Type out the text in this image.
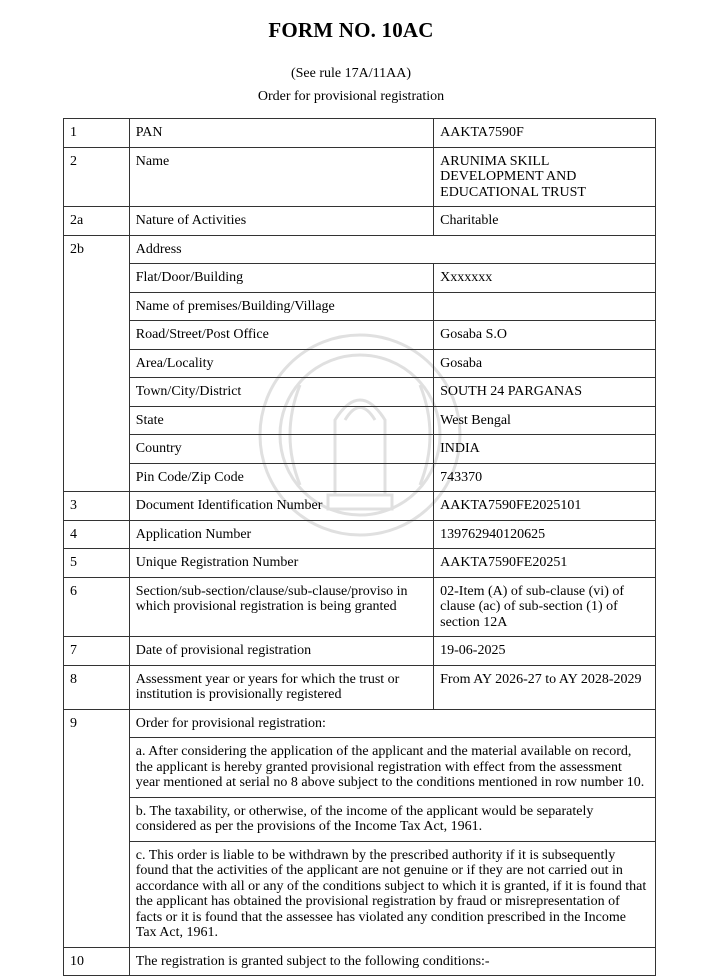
FORM NO. 10AC
(See rule 17A/11AA)
Order for provisional registration
1	PAN	AAKTA7590F
2	Name	ARUNIMA SKILL DEVELOPMENT AND EDUCATIONAL TRUST
2a	Nature of Activities	Charitable
2b	Address	
	Flat/Door/Building	Xxxxxxx
	Name of premises/Building/Village	
	Road/Street/Post Office	Gosaba S.O
	Area/Locality	Gosaba
	Town/City/District	SOUTH 24 PARGANAS
	State	West Bengal
	Country	INDIA
	Pin Code/Zip Code	743370
3	Document Identification Number	AAKTA7590FE2025101
4	Application Number	139762940120625
5	Unique Registration Number	AAKTA7590FE20251
6	Section/sub-section/clause/sub-clause/proviso in which provisional registration is being granted	02-Item (A) of sub-clause (vi) of clause (ac) of sub-section (1) of section 12A
7	Date of provisional registration	19-06-2025
8	Assessment year or years for which the trust or institution is provisionally registered	From AY 2026-27 to AY 2028-2029
9	Order for provisional registration:	
	a. After considering the application of the applicant and the material available on record, the applicant is hereby granted provisional registration with effect from the assessment year mentioned at serial no 8 above subject to the conditions mentioned in row number 10.	
	b. The taxability, or otherwise, of the income of the applicant would be separately considered as per the provisions of the Income Tax Act, 1961.	
	c. This order is liable to be withdrawn by the prescribed authority if it is subsequently found that the activities of the applicant are not genuine or if they are not carried out in accordance with all or any of the conditions subject to which it is granted, if it is found that the applicant has obtained the provisional registration by fraud or misrepresentation of facts or it is found that the assessee has violated any condition prescribed in the Income Tax Act, 1961.	
10	The registration is granted subject to the following conditions:-	
